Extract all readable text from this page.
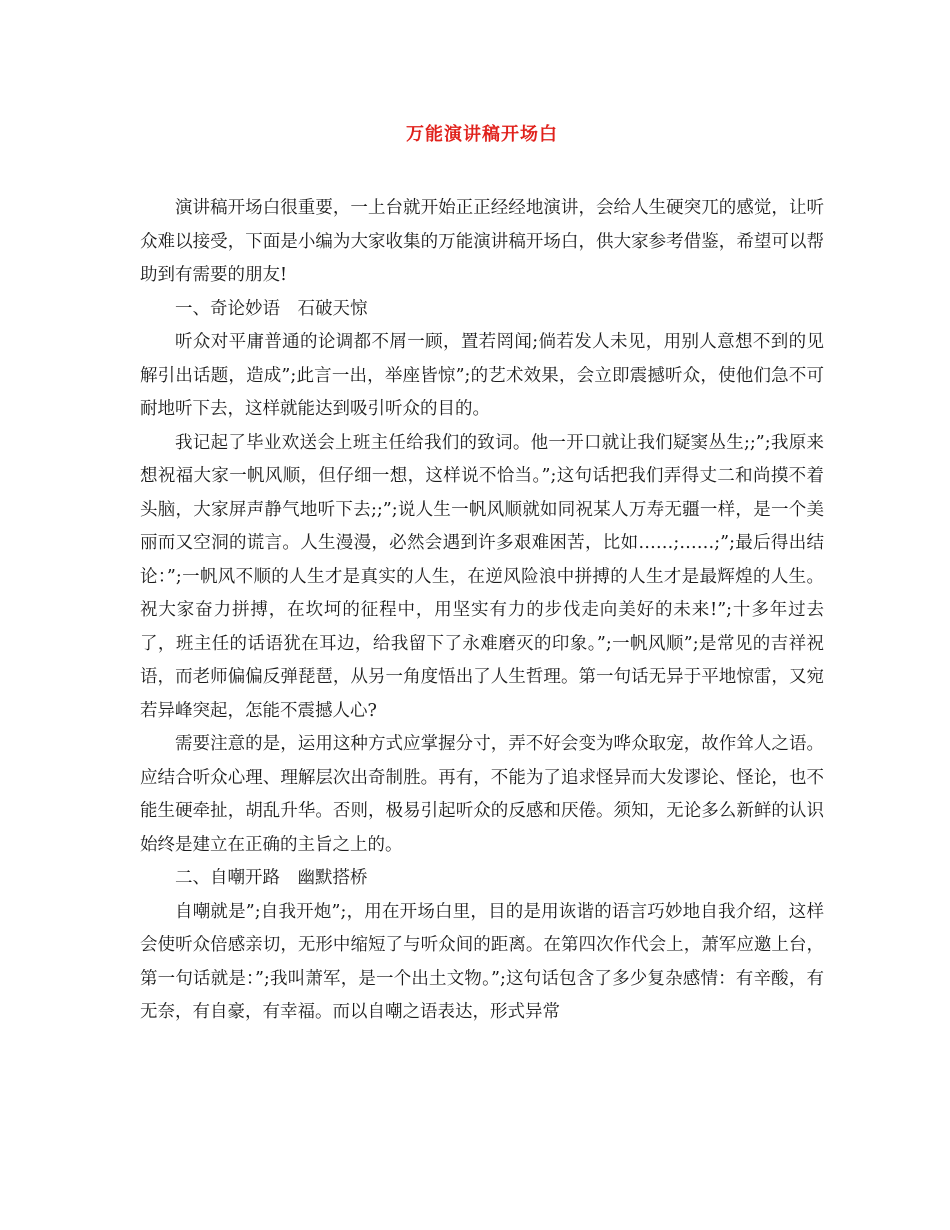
万能演讲稿开场白

演讲稿开场白很重要，一上台就开始正正经经地演讲，会给人生硬突兀的感觉，让听众难以接受，下面是小编为大家收集的万能演讲稿开场白，供大家参考借鉴，希望可以帮助到有需要的朋友!

一、奇论妙语　石破天惊

听众对平庸普通的论调都不屑一顾，置若罔闻;倘若发人未见，用别人意想不到的见解引出话题，造成”;此言一出，举座皆惊”;的艺术效果，会立即震撼听众，使他们急不可耐地听下去，这样就能达到吸引听众的目的。

我记起了毕业欢送会上班主任给我们的致词。他一开口就让我们疑窦丛生;;”;我原来想祝福大家一帆风顺，但仔细一想，这样说不恰当。”;这句话把我们弄得丈二和尚摸不着头脑，大家屏声静气地听下去;;”;说人生一帆风顺就如同祝某人万寿无疆一样，是一个美丽而又空洞的谎言。人生漫漫，必然会遇到许多艰难困苦，比如……;……;”;最后得出结论：”;一帆风不顺的人生才是真实的人生，在逆风险浪中拼搏的人生才是最辉煌的人生。祝大家奋力拼搏，在坎坷的征程中，用坚实有力的步伐走向美好的未来!”;十多年过去了，班主任的话语犹在耳边，给我留下了永难磨灭的印象。”;一帆风顺”;是常见的吉祥祝语，而老师偏偏反弹琵琶，从另一角度悟出了人生哲理。第一句话无异于平地惊雷，又宛若异峰突起，怎能不震撼人心?

需要注意的是，运用这种方式应掌握分寸，弄不好会变为哗众取宠，故作耸人之语。应结合听众心理、理解层次出奇制胜。再有，不能为了追求怪异而大发谬论、怪论，也不能生硬牵扯，胡乱升华。否则，极易引起听众的反感和厌倦。须知，无论多么新鲜的认识始终是建立在正确的主旨之上的。

二、自嘲开路　幽默搭桥

自嘲就是”;自我开炮”;，用在开场白里，目的是用诙谐的语言巧妙地自我介绍，这样会使听众倍感亲切，无形中缩短了与听众间的距离。在第四次作代会上，萧军应邀上台，第一句话就是：”;我叫萧军，是一个出土文物。”;这句话包含了多少复杂感情：有辛酸，有无奈，有自豪，有幸福。而以自嘲之语表达，形式异常
